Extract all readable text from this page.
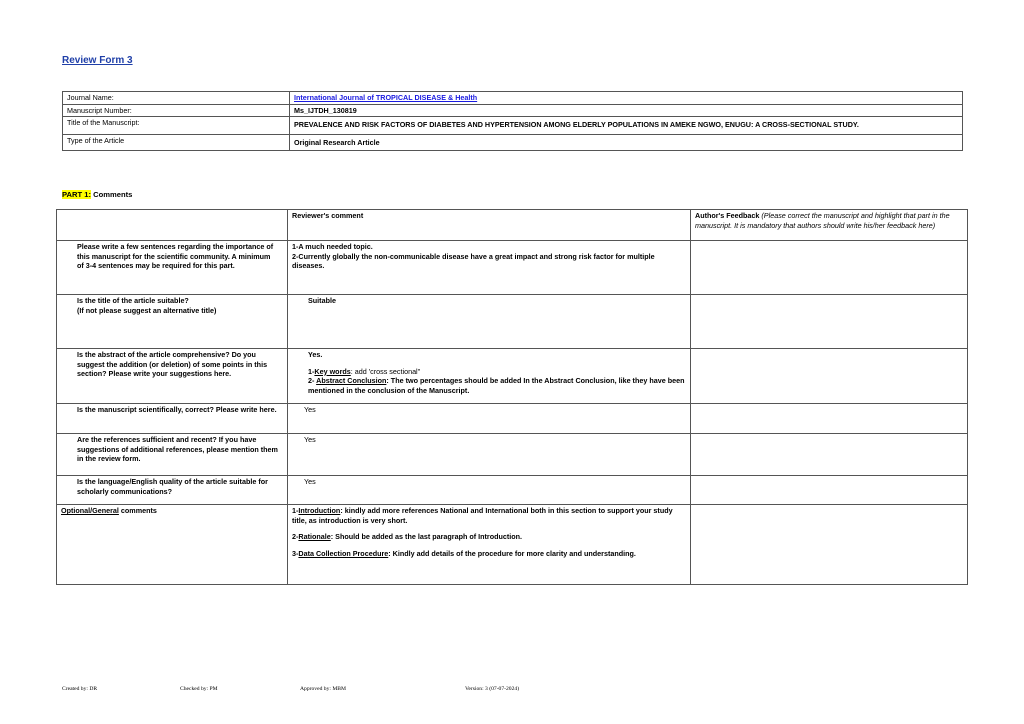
Review Form 3
Journal Name:	International Journal of TROPICAL DISEASE & Health
Manuscript Number:	Ms_IJTDH_130819
Title of the Manuscript:	PREVALENCE AND RISK FACTORS OF DIABETES AND HYPERTENSION AMONG ELDERLY POPULATIONS IN AMEKE NGWO, ENUGU: A CROSS-SECTIONAL STUDY.
Type of the Article	Original Research Article
PART 1: Comments
	Reviewer's comment	Author's Feedback (Please correct the manuscript and highlight that part in the manuscript. It is mandatory that authors should write his/her feedback here)

Please write a few sentences regarding the importance of this manuscript for the scientific community. A minimum of 3-4 sentences may be required for this part.	1-A much needed topic.
2-Currently globally the non-communicable disease have a great impact and strong risk factor for multiple diseases.	

Is the title of the article suitable?
(If not please suggest an alternative title)	Suitable	

Is the abstract of the article comprehensive? Do you suggest the addition (or deletion) of some points in this section? Please write your suggestions here.	Yes.
1-Key words: add 'cross sectional"
2- Abstract Conclusion: The two percentages should be added In the Abstract Conclusion, like they have been mentioned in the conclusion of the Manuscript.	

Is the manuscript scientifically, correct? Please write here.	Yes	

Are the references sufficient and recent? If you have suggestions of additional references, please mention them in the review form.	Yes	

Is the language/English quality of the article suitable for scholarly communications?	Yes	

Optional/General comments	1-Introduction: kindly add more references National and International both in this section to support your study title, as introduction is very short.

2-Rationale: Should be added as the last paragraph of Introduction.

3-Data Collection Procedure: Kindly add details of the procedure for more clarity and understanding.	

Created by: DR	Checked by: PM	Approved by: MBM	Version: 3 (07-07-2024)
